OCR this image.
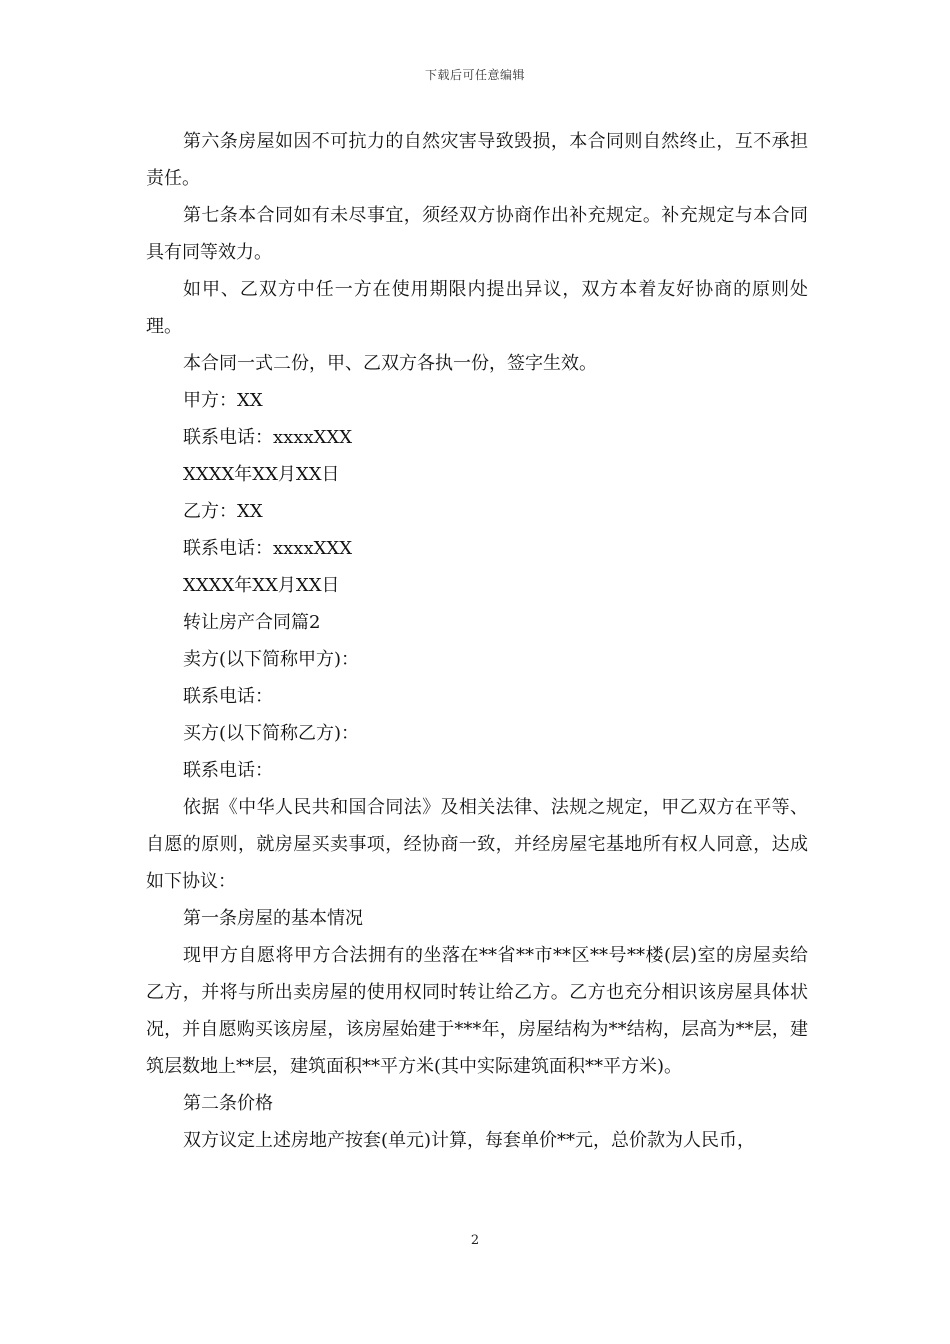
下载后可任意编辑

第六条房屋如因不可抗力的自然灾害导致毁损，本合同则自然终止，互不承担责任。

第七条本合同如有未尽事宜，须经双方协商作出补充规定。补充规定与本合同具有同等效力。

如甲、乙双方中任一方在使用期限内提出异议，双方本着友好协商的原则处理。

本合同一式二份，甲、乙双方各执一份，签字生效。

甲方：XX

联系电话：xxxxXXX

XXXX年XX月XX日

乙方：XX

联系电话：xxxxXXX

XXXX年XX月XX日

转让房产合同篇2

卖方(以下简称甲方)：

联系电话：

买方(以下简称乙方)：

联系电话：

依据《中华人民共和国合同法》及相关法律、法规之规定，甲乙双方在平等、自愿的原则，就房屋买卖事项，经协商一致，并经房屋宅基地所有权人同意，达成如下协议：

第一条房屋的基本情况

现甲方自愿将甲方合法拥有的坐落在**省**市**区**号**楼(层)室的房屋卖给乙方，并将与所出卖房屋的使用权同时转让给乙方。乙方也充分相识该房屋具体状况，并自愿购买该房屋，该房屋始建于***年，房屋结构为**结构，层高为**层，建筑层数地上**层，建筑面积**平方米(其中实际建筑面积**平方米)。

第二条价格

双方议定上述房地产按套(单元)计算，每套单价**元，总价款为人民币，

2
